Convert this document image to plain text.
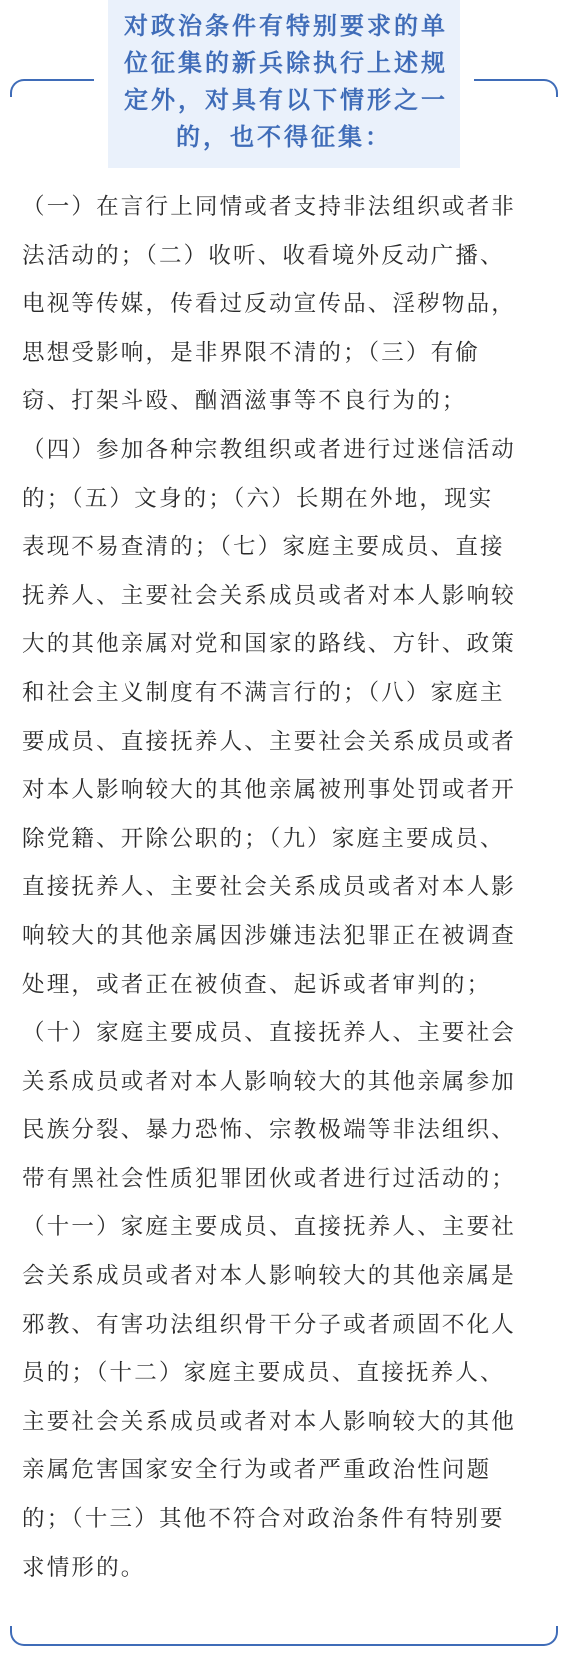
对政治条件有特别要求的单
位征集的新兵除执行上述规
定外，对具有以下情形之一
的，也不得征集：
（一）在言行上同情或者支持非法组织或者非
法活动的；（二）收听、收看境外反动广播、
电视等传媒，传看过反动宣传品、淫秽物品，
思想受影响，是非界限不清的；（三）有偷
窃、打架斗殴、酗酒滋事等不良行为的；
（四）参加各种宗教组织或者进行过迷信活动
的；（五）文身的；（六）长期在外地，现实
表现不易查清的；（七）家庭主要成员、直接
抚养人、主要社会关系成员或者对本人影响较
大的其他亲属对党和国家的路线、方针、政策
和社会主义制度有不满言行的；（八）家庭主
要成员、直接抚养人、主要社会关系成员或者
对本人影响较大的其他亲属被刑事处罚或者开
除党籍、开除公职的；（九）家庭主要成员、
直接抚养人、主要社会关系成员或者对本人影
响较大的其他亲属因涉嫌违法犯罪正在被调查
处理，或者正在被侦查、起诉或者审判的；
（十）家庭主要成员、直接抚养人、主要社会
关系成员或者对本人影响较大的其他亲属参加
民族分裂、暴力恐怖、宗教极端等非法组织、
带有黑社会性质犯罪团伙或者进行过活动的；
（十一）家庭主要成员、直接抚养人、主要社
会关系成员或者对本人影响较大的其他亲属是
邪教、有害功法组织骨干分子或者顽固不化人
员的；（十二）家庭主要成员、直接抚养人、
主要社会关系成员或者对本人影响较大的其他
亲属危害国家安全行为或者严重政治性问题
的；（十三）其他不符合对政治条件有特别要
求情形的。
